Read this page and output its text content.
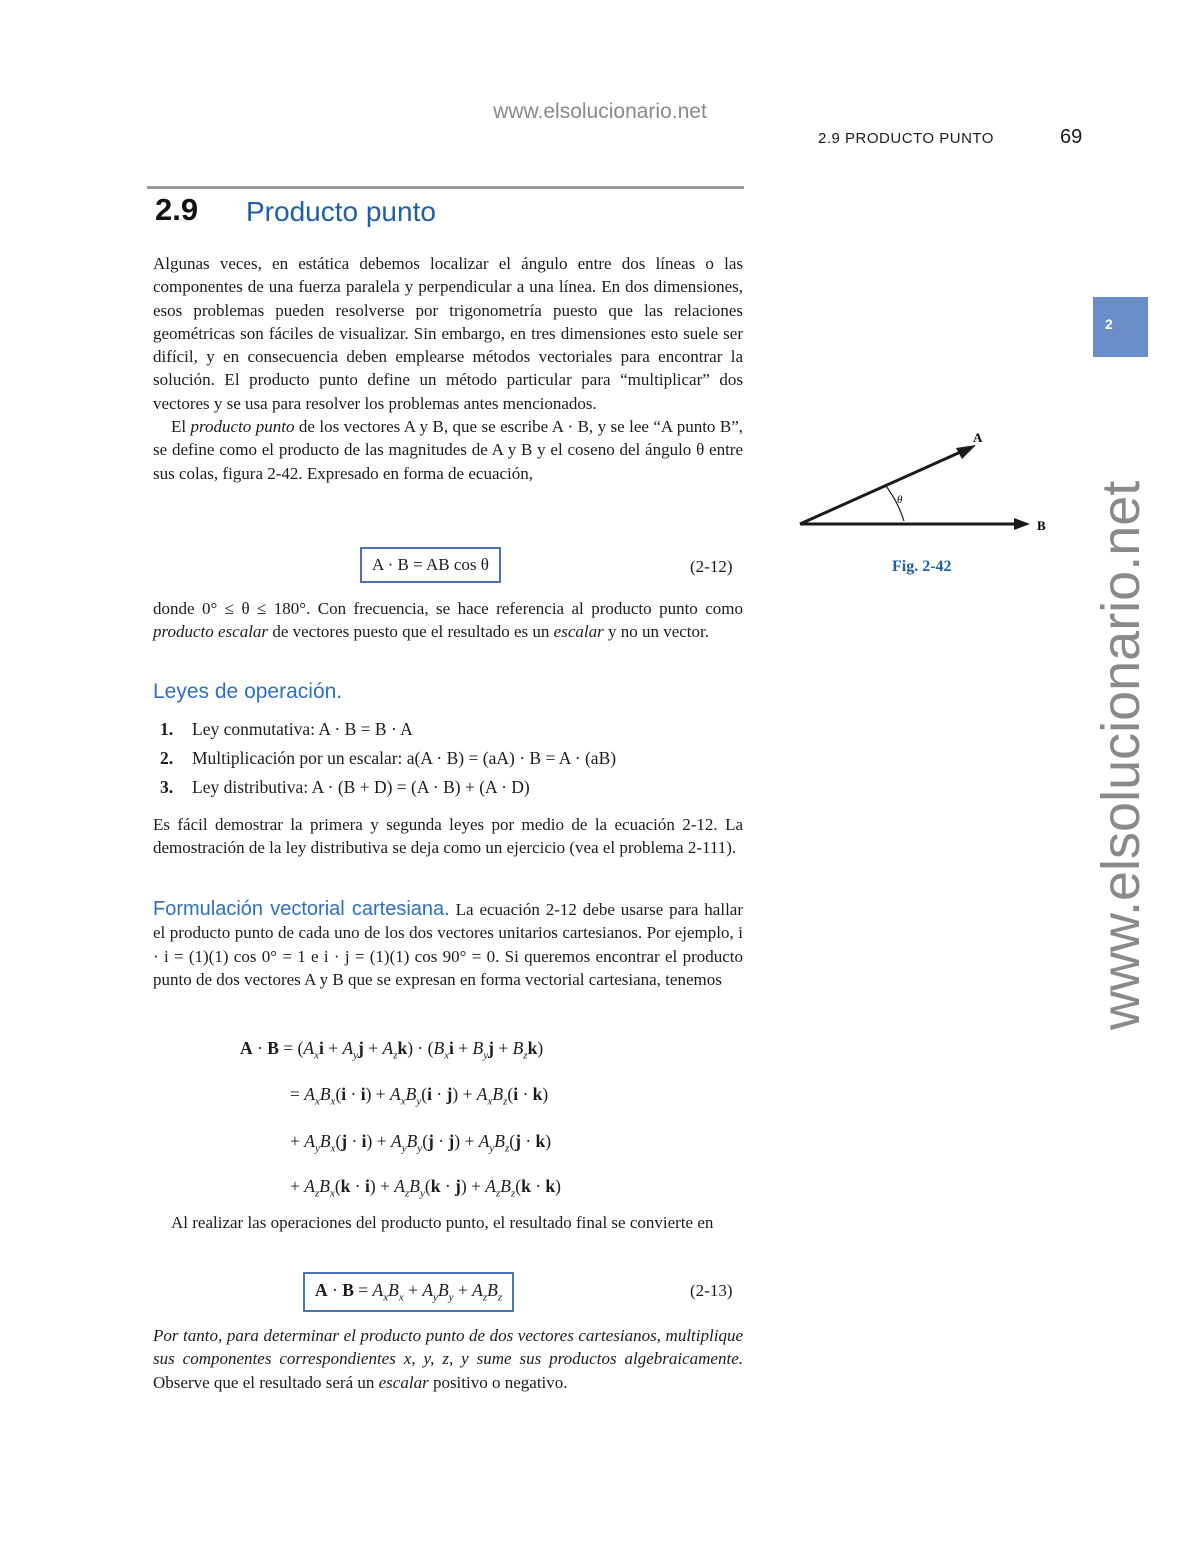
www.elsolucionario.net
2.9 PRODUCTO PUNTO	69
2
www.elsolucionario.net
2.9 Producto punto

Algunas veces, en estática debemos localizar el ángulo entre dos líneas o las componentes de una fuerza paralela y perpendicular a una línea. En dos dimensiones, esos problemas pueden resolverse por trigonometría puesto que las relaciones geométricas son fáciles de visualizar. Sin embargo, en tres dimensiones esto suele ser difícil, y en consecuencia deben emplearse métodos vectoriales para encontrar la solución. El producto punto define un método particular para “multiplicar” dos vectores y se usa para resolver los problemas antes mencionados.

El producto punto de los vectores A y B, que se escribe A · B, y se lee “A punto B”, se define como el producto de las magnitudes de A y B y el coseno del ángulo θ entre sus colas, figura 2-42. Expresado en forma de ecuación,

A · B = AB cos θ	(2-12)

donde 0° ≤ θ ≤ 180°. Con frecuencia, se hace referencia al producto punto como producto escalar de vectores puesto que el resultado es un escalar y no un vector.

Leyes de operación.
1. Ley conmutativa: A · B = B · A
2. Multiplicación por un escalar: a(A · B) = (aA) · B = A · (aB)
3. Ley distributiva: A · (B + D) = (A · B) + (A · D)

Es fácil demostrar la primera y segunda leyes por medio de la ecuación 2-12. La demostración de la ley distributiva se deja como un ejercicio (vea el problema 2-111).

Formulación vectorial cartesiana. La ecuación 2-12 debe usarse para hallar el producto punto de cada uno de los dos vectores unitarios cartesianos. Por ejemplo, i · i = (1)(1) cos 0° = 1 e i · j = (1)(1) cos 90° = 0. Si queremos encontrar el producto punto de dos vectores A y B que se expresan en forma vectorial cartesiana, tenemos

$A \cdot B = (A_xi + A_yj + A_zk) \cdot (B_xi + B_yj + B_zk)$
= $A_xB_x(i \cdot i) + A_xB_y(i \cdot j) + A_xB_z(i \cdot k)$
+ $A_yB_x(j \cdot i) + A_yB_y(j \cdot j) + A_yB_z(j \cdot k)$
+ $A_zB_x(k \cdot i) + A_zB_y(k \cdot j) + A_zB_z(k \cdot k)$

Al realizar las operaciones del producto punto, el resultado final se convierte en

$A \cdot B = A_xB_x + A_yB_y + A_zB_z$	(2-13)

Por tanto, para determinar el producto punto de dos vectores cartesianos, multiplique sus componentes correspondientes x, y, z, y sume sus productos algebraicamente. Observe que el resultado será un escalar positivo o negativo.

A
B
θ
Fig. 2-42
